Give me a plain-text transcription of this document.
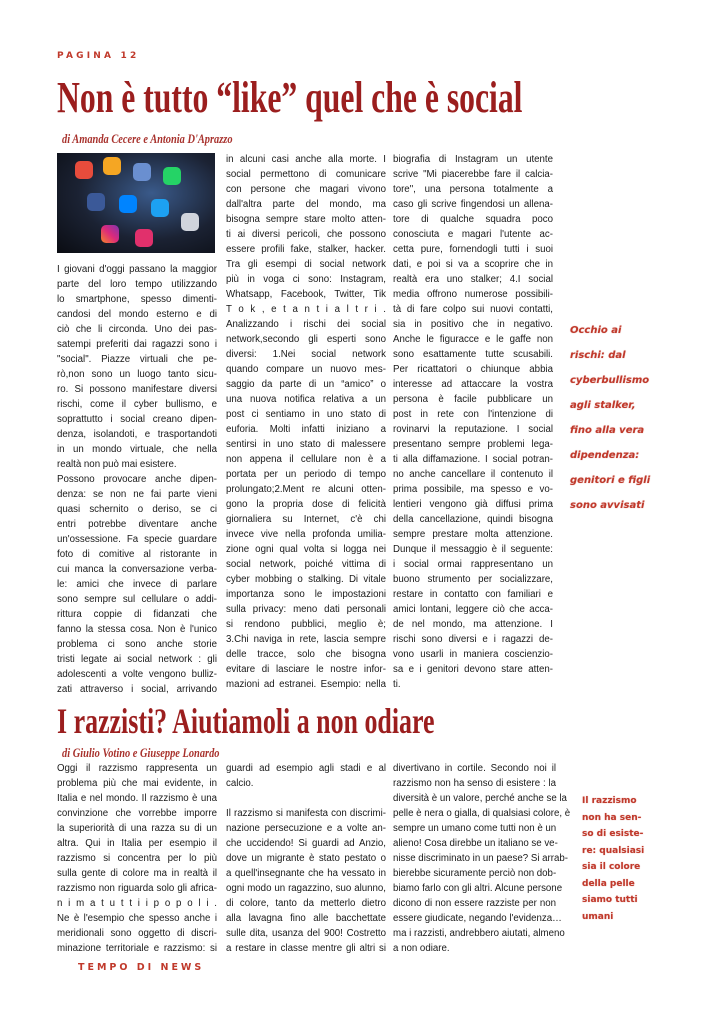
PAGINA 12
Non è tutto “like” quel che è social
di Amanda Cecere e Antonia D'Aprazzo
I giovani d'oggi passano la maggior
parte del loro tempo utilizzando
lo smartphone, spesso dimenti-
candosi del mondo esterno e di
ciò che li circonda. Uno dei pas-
satempi preferiti dai ragazzi sono i
"social". Piazze virtuali che pe-
rò,non sono un luogo tanto sicu-
ro. Si possono manifestare diversi
rischi, come il cyber bullismo, e
soprattutto i social creano dipen-
denza, isolandoti, e trasportandoti
in un mondo virtuale, che nella
realtà non può mai esistere.
Possono provocare anche dipen-
denza: se non ne fai parte vieni
quasi schernito o deriso, se ci
entri potrebbe diventare anche
un'ossessione. Fa specie guardare
foto di comitive al ristorante in
cui manca la conversazione verba-
le: amici che invece di parlare
sono sempre sul cellulare o addi-
rittura coppie di fidanzati che
fanno la stessa cosa. Non è l'unico
problema ci sono anche storie
tristi legate ai social network : gli
adolescenti a volte vengono bulliz-
zati attraverso i social, arrivando
in alcuni casi anche alla morte. I
social permettono di comunicare
con persone che magari vivono
dall'altra parte del mondo, ma
bisogna sempre stare molto atten-
ti ai diversi pericoli, che possono
essere profili fake, stalker, hacker.
Tra gli esempi di social network
più in voga ci sono: Instagram,
Whatsapp, Facebook, Twitter, Tik
T o k , e t a n t i a l t r i .
Analizzando i rischi dei social
network,secondo gli esperti sono
diversi: 1.Nei social network
quando compare un nuovo mes-
saggio da parte di un “amico” o
una nuova notifica relativa a un
post ci sentiamo in uno stato di
euforia. Molti infatti iniziano a
sentirsi in uno stato di malessere
non appena il cellulare non è a
portata per un periodo di tempo
prolungato;2.Ment re alcuni otten-
gono la propria dose di felicità
giornaliera su Internet, c'è chi
invece vive nella profonda umilia-
zione ogni qual volta si logga nei
social network, poiché vittima di
cyber mobbing o stalking. Di vitale
importanza sono le impostazioni
sulla privacy: meno dati personali
si rendono pubblici, meglio è;
3.Chi naviga in rete, lascia sempre
delle tracce, solo che bisogna
evitare di lasciare le nostre infor-
mazioni ad estranei. Esempio: nella
biografia di Instagram un utente
scrive "Mi piacerebbe fare il calcia-
tore", una persona totalmente a
caso gli scrive fingendosi un allena-
tore di qualche squadra poco
conosciuta e magari l'utente ac-
cetta pure, fornendogli tutti i suoi
dati, e poi si va a scoprire che in
realtà era uno stalker; 4.I social
media offrono numerose possibili-
tà di fare colpo sui nuovi contatti,
sia in positivo che in negativo.
Anche le figuracce e le gaffe non
sono esattamente tutte scusabili.
Per ricattatori o chiunque abbia
interesse ad attaccare la vostra
persona è facile pubblicare un
post in rete con l'intenzione di
rovinarvi la reputazione. I social
presentano sempre problemi lega-
ti alla diffamazione. I social potran-
no anche cancellare il contenuto il
prima possibile, ma spesso e vo-
lentieri vengono già diffusi prima
della cancellazione, quindi bisogna
sempre prestare molta attenzione.
Dunque il messaggio è il seguente:
i social ormai rappresentano un
buono strumento per socializzare,
restare in contatto con familiari e
amici lontani, leggere ciò che acca-
de nel mondo, ma attenzione. I
rischi sono diversi e i ragazzi de-
vono usarli in maniera coscienzio-
sa e i genitori devono stare atten-
ti.
Occhio ai
rischi: dal
cyberbullismo
agli stalker,
fino alla vera
dipendenza:
genitori e figli
sono avvisati
I razzisti? Aiutiamoli a non odiare
di Giulio Votino e Giuseppe Lonardo
Oggi il razzismo rappresenta un
problema più che mai evidente, in
Italia e nel mondo. Il razzismo è una
convinzione che vorrebbe imporre
la superiorità di una razza su di un
altra. Qui in Italia per esempio il
razzismo si concentra per lo più
sulla gente di colore ma in realtà il
razzismo non riguarda solo gli africa-
n i m a t u t t i i p o p o l i .
Ne è l'esempio che spesso anche i
meridionali sono oggetto di discri-
minazione territoriale e razzismo: si
guardi ad esempio agli stadi e al
calcio.
Il razzismo si manifesta con discrimi-
nazione persecuzione e a volte an-
che uccidendo! Si guardi ad Anzio,
dove un migrante è stato pestato o
a quell'insegnante che ha vessato in
ogni modo un ragazzino, suo alunno,
di colore, tanto da metterlo dietro
alla lavagna fino alle bacchettate
sulle dita, usanza del 900! Costretto
a restare in classe mentre gli altri si
divertivano in cortile. Secondo noi il
razzismo non ha senso di esistere : la
diversità è un valore, perché anche se la
pelle è nera o gialla, di qualsiasi colore, è
sempre un umano come tutti non è un
alieno! Cosa direbbe un italiano se ve-
nisse discriminato in un paese? Si arrab-
bierebbe sicuramente perciò non dob-
biamo farlo con gli altri. Alcune persone
dicono di non essere razziste per non
essere giudicate, negando l'evidenza…
ma i razzisti, andrebbero aiutati, almeno
a non odiare.
Il razzismo
non ha sen-
so di esiste-
re: qualsiasi
sia il colore
della pelle
siamo tutti
umani
TEMPO DI NEWS
